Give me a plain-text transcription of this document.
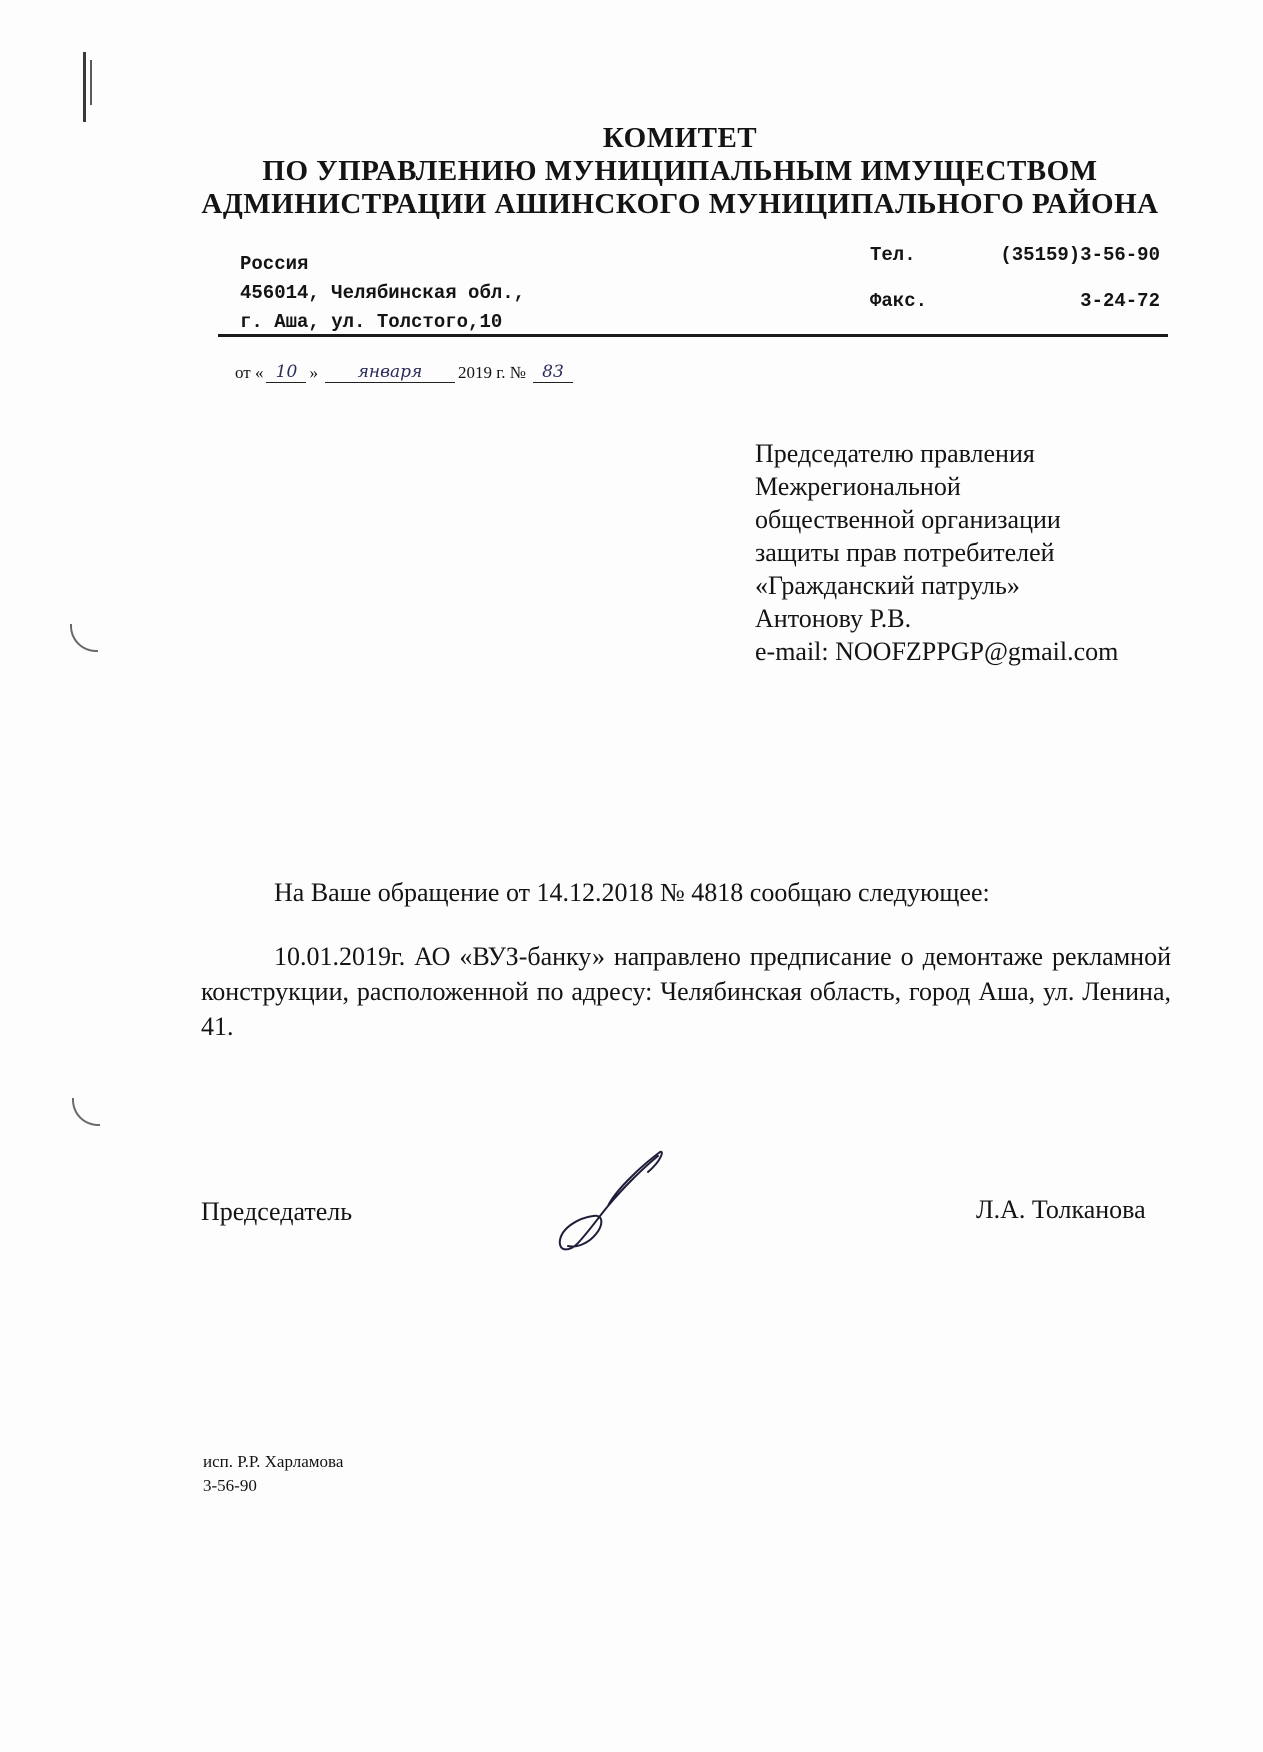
КОМИТЕТ
ПО УПРАВЛЕНИЮ МУНИЦИПАЛЬНЫМ ИМУЩЕСТВОМ
АДМИНИСТРАЦИИ АШИНСКОГО МУНИЦИПАЛЬНОГО РАЙОНА
Россия
456014, Челябинская обл.,
г. Аша, ул. Толстого,10
Тел.	(35159)3-56-90
Факс.	3-24-72
от « 10 »	января	2019 г. № 83
Председателю правления
Межрегиональной
общественной организации
защиты прав потребителей
«Гражданский патруль»
Антонову Р.В.
e-mail: NOOFZPPGP@gmail.com
На Ваше обращение от 14.12.2018 № 4818 сообщаю следующее:
10.01.2019г. АО «ВУЗ-банку» направлено предписание о демонтаже рекламной конструкции, расположенной по адресу: Челябинская область, город Аша, ул. Ленина, 41.
Председатель	Л.А. Толканова
исп. Р.Р. Харламова
3-56-90
